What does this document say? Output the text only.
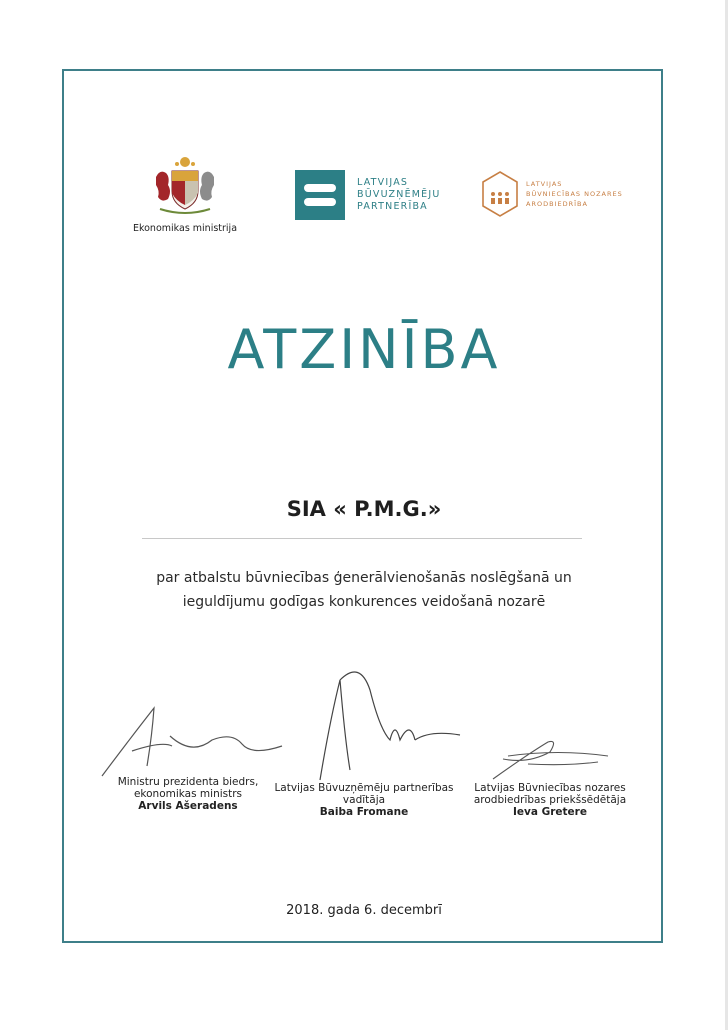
Ekonomikas ministrija
LATVIJAS
BŪVUZŅĒMĒJU
PARTNERĪBA
LATVIJAS
BŪVNIECĪBAS NOZARES
ARODBIEDRĪBA
ATZINĪBA
SIA « P.M.G.»
par atbalstu būvniecības ģenerālvienošanās noslēgšanā un
ieguldījumu godīgas konkurences veidošanā nozarē
Ministru prezidenta biedrs,
ekonomikas ministrs
Arvils Ašeradens
Latvijas Būvuzņēmēju partnerības
vadītāja
Baiba Fromane
Latvijas Būvniecības nozares
arodbiedrības priekšsēdētāja
Ieva Gretere
2018. gada 6. decembrī
